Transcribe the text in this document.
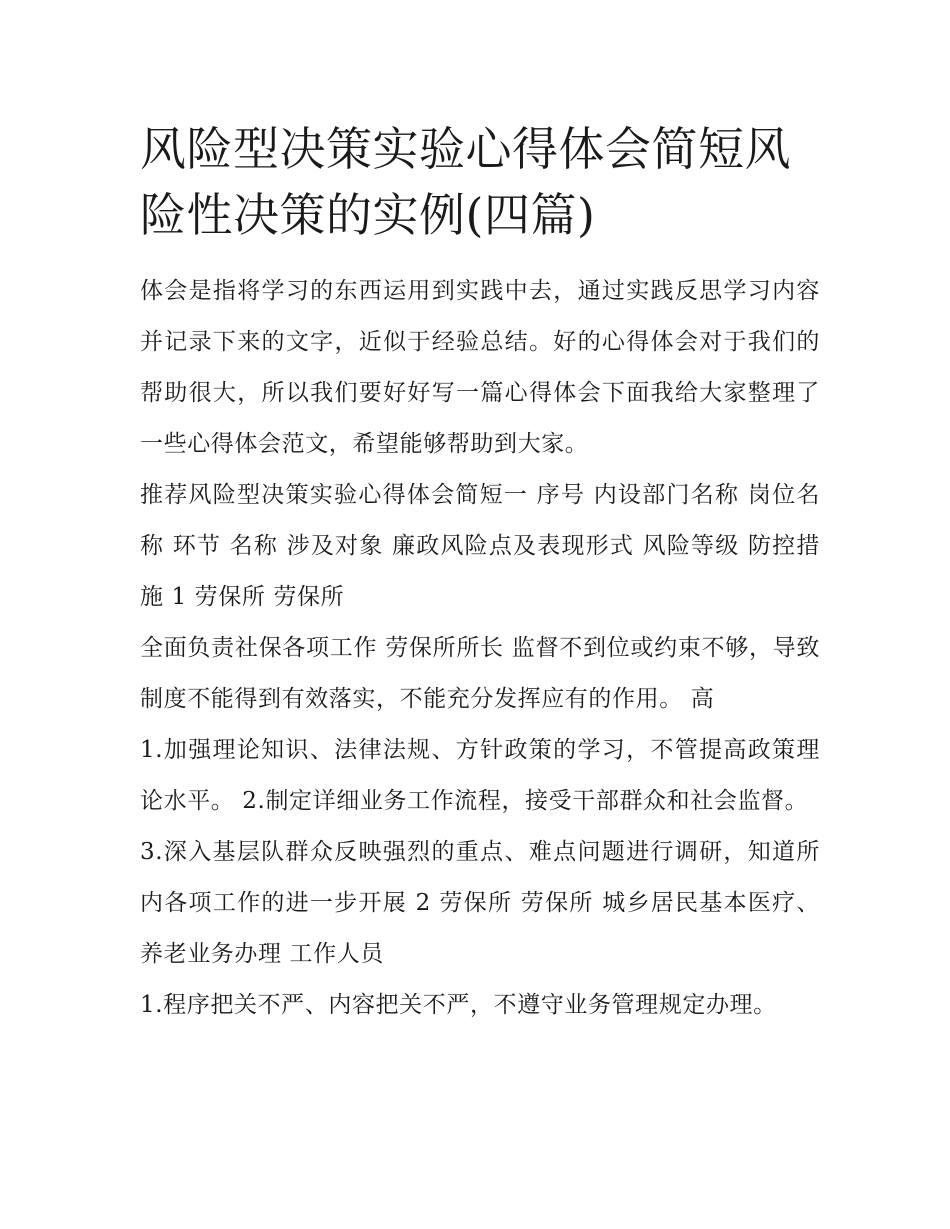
风险型决策实验心得体会简短风险性决策的实例(四篇)

体会是指将学习的东西运用到实践中去，通过实践反思学习内容并记录下来的文字，近似于经验总结。好的心得体会对于我们的帮助很大，所以我们要好好写一篇心得体会下面我给大家整理了一些心得体会范文，希望能够帮助到大家。

推荐风险型决策实验心得体会简短一 序号 内设部门名称 岗位名称 环节 名称 涉及对象 廉政风险点及表现形式 风险等级 防控措施 1 劳保所 劳保所

全面负责社保各项工作 劳保所所长 监督不到位或约束不够，导致制度不能得到有效落实，不能充分发挥应有的作用。 高

1.加强理论知识、法律法规、方针政策的学习，不管提高政策理论水平。 2.制定详细业务工作流程，接受干部群众和社会监督。

3.深入基层队群众反映强烈的重点、难点问题进行调研，知道所内各项工作的进一步开展 2 劳保所 劳保所 城乡居民基本医疗、养老业务办理 工作人员

1.程序把关不严、内容把关不严，不遵守业务管理规定办理。
